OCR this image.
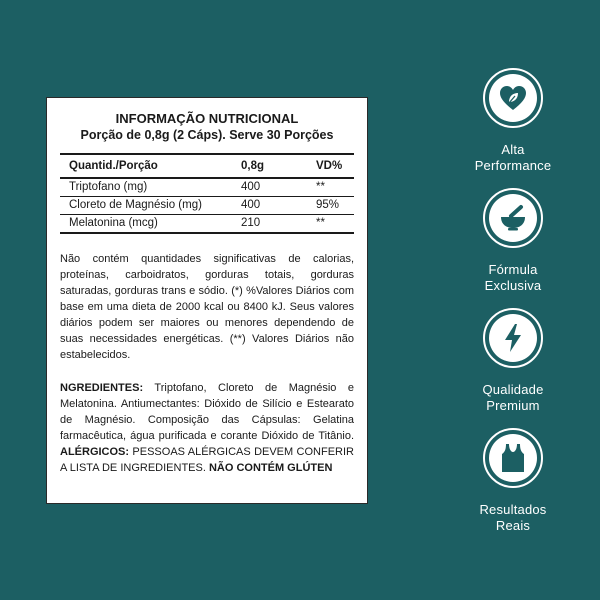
INFORMAÇÃO NUTRICIONAL
Porção de 0,8g (2 Cáps). Serve 30 Porções
Quantid./Porção	0,8g	VD%
Triptofano (mg)	400	**
Cloreto de Magnésio (mg)	400	95%
Melatonina (mcg)	210	**
Não contém quantidades significativas de calorias, proteínas, carboidratos, gorduras totais, gorduras saturadas, gorduras trans e sódio. (*) %Valores Diários com base em uma dieta de 2000 kcal ou 8400 kJ. Seus valores diários podem ser maiores ou menores dependendo de suas necessidades energéticas. (**) Valores Diários não estabelecidos.
NGREDIENTES: Triptofano, Cloreto de Magnésio e Melatonina. Antiumectantes: Dióxido de Silício e Estearato de Magnésio. Composição das Cápsulas: Gelatina farmacêutica, água purificada e corante Dióxido de Titânio. ALÉRGICOS: PESSOAS ALÉRGICAS DEVEM CONFERIR A LISTA DE INGREDIENTES. NÃO CONTÉM GLÚTEN
Alta
Performance
Fórmula
Exclusiva
Qualidade
Premium
Resultados
Reais
